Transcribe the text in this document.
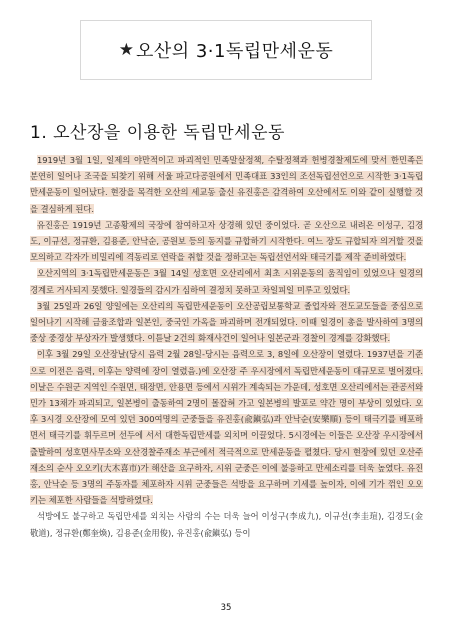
★ 오산의 3·1독립만세운동
1. 오산장을 이용한 독립만세운동

1919년 3월 1일, 일제의 야만적이고 파괴적인 민족말살정책, 수탈정책과 헌병경찰제도에 맞서 한민족은 분연히 일어나 조국을 되찾기 위해 서울 파고다공원에서 민족대표 33인의 조선독립선언으로 시작한 3·1독립만세운동이 일어났다. 현장을 목격한 오산의 세교동 출신 유진홍은 감격하여 오산에서도 이와 같이 실행할 것을 결심하게 된다.

유진홍은 1919년 고종황제의 국장에 참여하고자 상경해 있던 중이었다. 곧 오산으로 내려온 이성구, 김경도, 이규선, 정규환, 김용준, 안낙순, 공원보 등의 동지를 규합하기 시작한다. 여느 장도 규합되자 의거할 것을 모의하고 각자가 비밀리에 격동리로 연락을 취할 것을 정하고는 독립선언서와 태극기를 제작 준비하였다.

오산지역의 3·1독립만세운동은 3월 14일 성호면 오산리에서 최초 시위운동의 움직임이 있었으나 일경의 경계로 거사되지 못했다. 일경들의 감시가 심하여 결정치 못하고 차일피일 미루고 있었다.

3월 25일과 26일 양일에는 오산리의 독립만세운동이 오산공립보통학교 졸업자와 전도교도들을 중심으로 일어나기 시작해 금융조합과 일본인, 중국인 가옥을 파괴하며 전개되었다. 이때 일경이 총을 발사하여 3명의 중상 중경상 부상자가 발생했다. 이튿날 2건의 화재사건이 일어나 일본군과 경찰이 경계를 강화했다.

이후 3월 29일 오산장날(당시 음력 2월 28일-당시는 음력으로 3, 8일에 오산장이 열렸다. 1937년을 기준으로 이전은 음력, 이후는 양력에 장이 열렸음.)에 오산장 주 우시장에서 독립만세운동이 대규모로 벌어졌다. 이날은 수원군 지역인 수원면, 태장면, 안용면 등에서 시위가 계속되는 가운데, 성호면 오산리에서는 관공서와 민가 13채가 파괴되고, 일본병이 출동하여 2명이 몰잡혀 가고 일본병의 발포로 약간 명이 부상이 있었다. 오후 3시경 오산장에 모여 있던 300여명의 군중들을 유진홍(兪鎭弘)과 안낙순(安樂順) 등이 태극기를 배포하면서 태극기를 휘두르며 선두에 서서 대한독립만세를 외치며 이끌었다. 5시경에는 이들은 오산장 우시장에서 출발하여 성호면사무소와 오산경찰주재소 부근에서 적극적으로 만세운동을 펼쳤다. 당시 현장에 있던 오산주재소의 순사 오오키(大木喜市)가 해산을 요구하자, 시위 군중은 이에 불응하고 만세소리를 더욱 높였다. 유진홍, 안낙순 등 3명의 주동자를 체포하자 시위 군중들은 석방을 요구하며 기세를 높이자, 이에 기가 꺾인 오오키는 체포한 사람들을 석방하였다.

석방에도 불구하고 독립만세를 외치는 사람의 수는 더욱 늘어 이성구(李成九), 이규선(李圭瑄), 김경도(金敬道), 정규환(鄭奎煥), 김용준(金用俊), 유진홍(兪鎭弘) 등이

35
